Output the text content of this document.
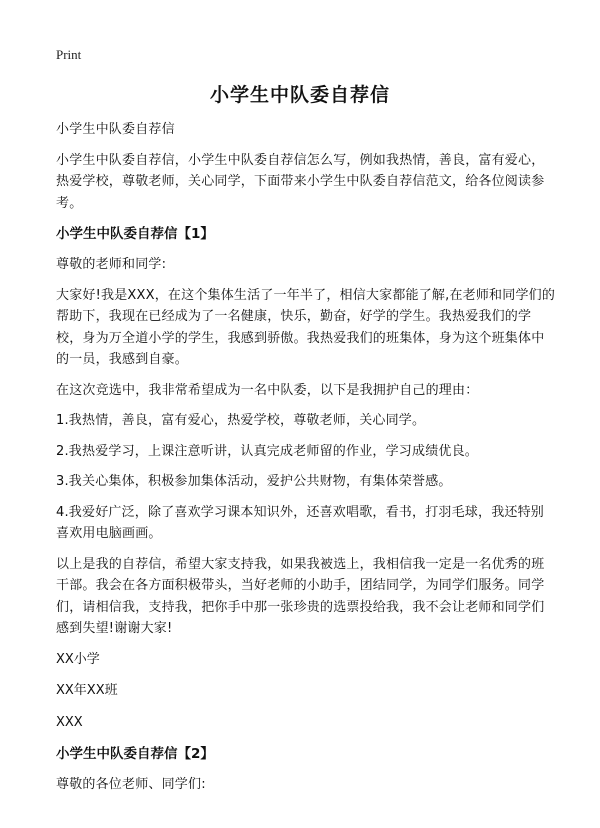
Print
小学生中队委自荐信

小学生中队委自荐信

小学生中队委自荐信，小学生中队委自荐信怎么写，例如我热情，善良，富有爱心，热爱学校，尊敬老师，关心同学，下面带来小学生中队委自荐信范文，给各位阅读参考。

小学生中队委自荐信【1】

尊敬的老师和同学:

大家好!我是XXX，在这个集体生活了一年半了，相信大家都能了解,在老师和同学们的帮助下，我现在已经成为了一名健康，快乐，勤奋，好学的学生。我热爱我们的学校，身为万全道小学的学生，我感到骄傲。我热爱我们的班集体，身为这个班集体中的一员，我感到自豪。

在这次竞选中，我非常希望成为一名中队委，以下是我拥护自己的理由：

1.我热情，善良，富有爱心，热爱学校，尊敬老师，关心同学。

2.我热爱学习，上课注意听讲，认真完成老师留的作业，学习成绩优良。

3.我关心集体，积极参加集体活动，爱护公共财物，有集体荣誉感。

4.我爱好广泛，除了喜欢学习课本知识外，还喜欢唱歌，看书，打羽毛球，我还特别喜欢用电脑画画。

以上是我的自荐信，希望大家支持我，如果我被选上，我相信我一定是一名优秀的班干部。我会在各方面积极带头，当好老师的小助手，团结同学，为同学们服务。同学们，请相信我，支持我，把你手中那一张珍贵的选票投给我，我不会让老师和同学们感到失望!谢谢大家!

XX小学

XX年XX班

XXX

小学生中队委自荐信【2】

尊敬的各位老师、同学们:
